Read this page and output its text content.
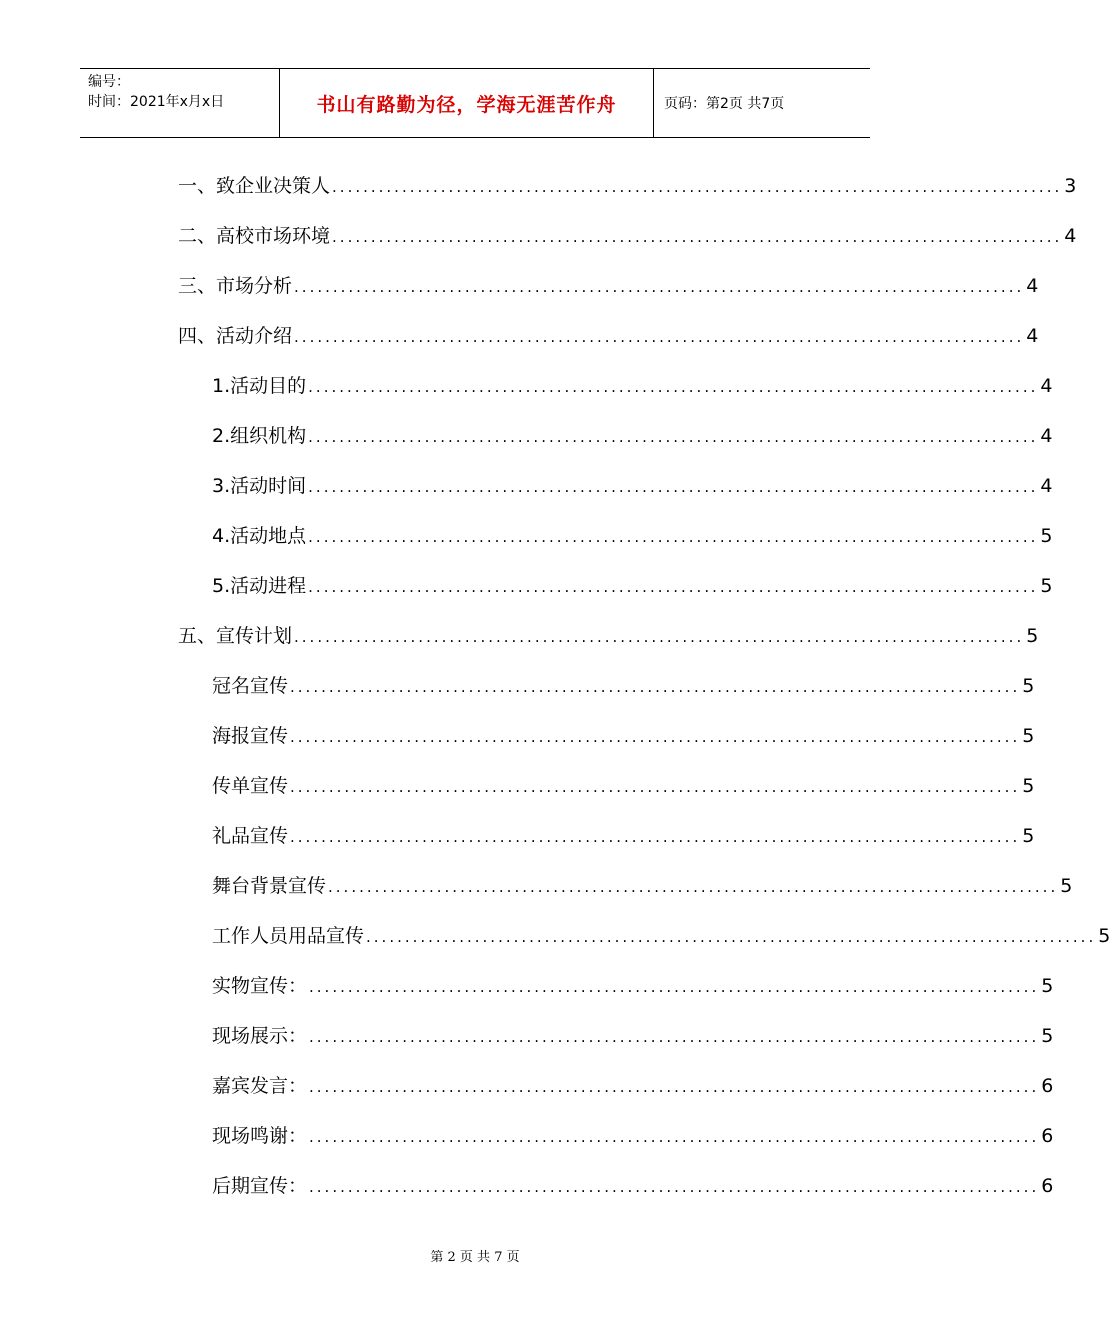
编号：
时间：2021年x月x日	书山有路勤为径，学海无涯苦作舟	页码：第2页 共7页
一、 致企业决策人 .............................................................................................. 3
二、 高校市场环境 .............................................................................................. 4
三、 市场分析 .............................................................................................. 4
四、 活动介绍 .............................................................................................. 4
1. 活动目的 .............................................................................................. 4
2. 组织机构 .............................................................................................. 4
3. 活动时间 .............................................................................................. 4
4. 活动地点 .............................................................................................. 5
5. 活动进程 .............................................................................................. 5
五、宣传计划 .............................................................................................. 5
冠名宣传 .............................................................................................. 5
海报宣传 .............................................................................................. 5
传单宣传 .............................................................................................. 5
礼品宣传 .............................................................................................. 5
舞台背景宣传 .............................................................................................. 5
工作人员用品宣传 .............................................................................................. 5
实物宣传： .............................................................................................. 5
现场展示： .............................................................................................. 5
嘉宾发言： .............................................................................................. 6
现场鸣谢： .............................................................................................. 6
后期宣传： .............................................................................................. 6
第 2 页 共 7 页
